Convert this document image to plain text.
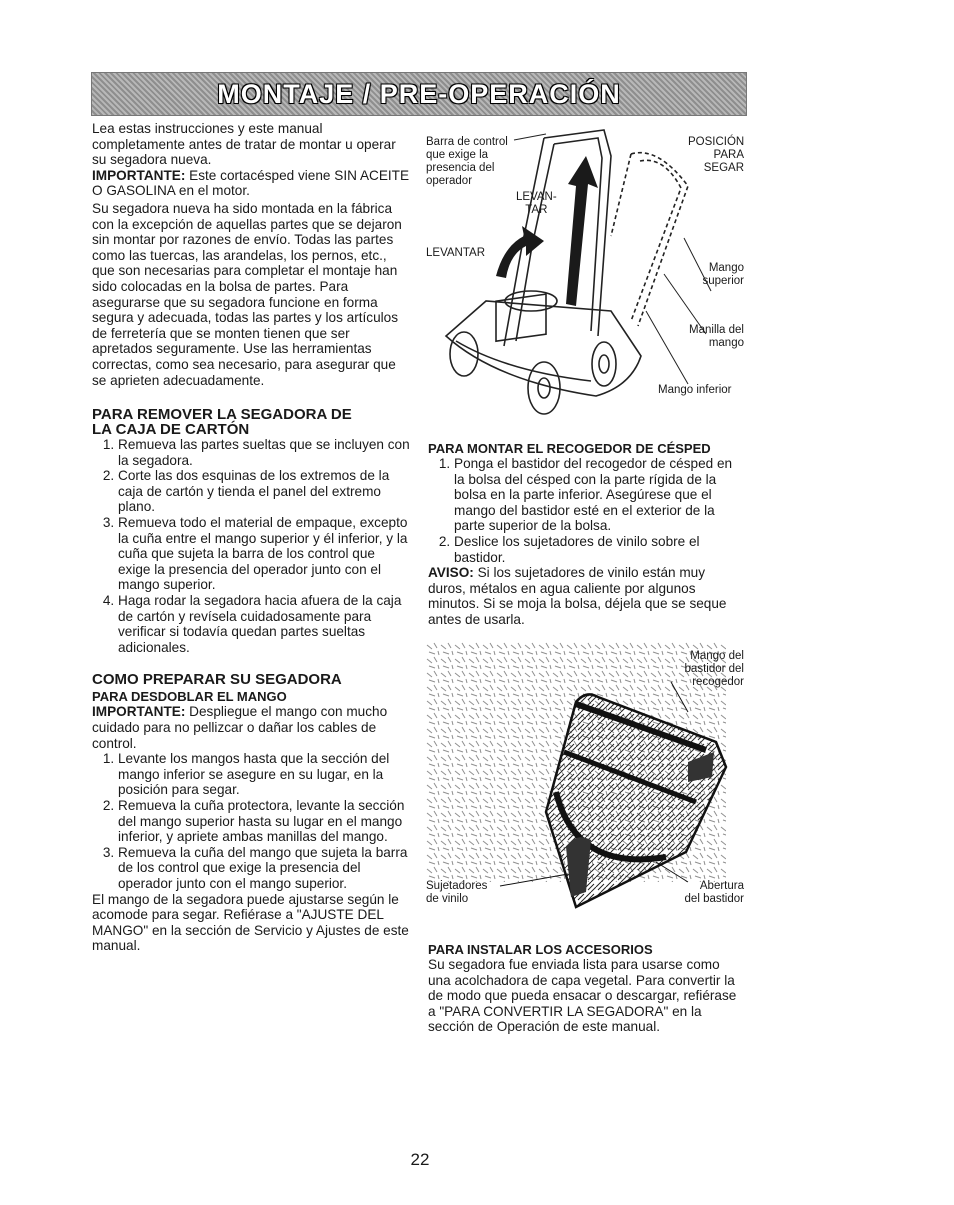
MONTAJE / PRE-OPERACIÓN

Lea estas instrucciones y este manual completamente antes de tratar de montar u operar su segadora nueva.

IMPORTANTE: Este cortacésped viene SIN ACEITE O GASOLINA en el motor.

Su segadora nueva ha sido montada en la fábrica con la excepción de aquellas partes que se dejaron sin montar por razones de envío. Todas las partes como las tuercas, las arandelas, los pernos, etc., que son necesarias para completar el montaje han sido colocadas en la bolsa de partes. Para asegurarse que su segadora funcione en forma segura y adecuada, todas las partes y los artículos de ferretería que se monten tienen que ser apretados seguramente. Use las herramientas correctas, como sea necesario, para asegurar que se aprieten adecuadamente.

PARA REMOVER LA SEGADORA DE

LA CAJA DE CARTÓN

1. Remueva las partes sueltas que se incluyen con la segadora.
2. Corte las dos esquinas de los extremos de la caja de cartón y tienda el panel del extremo plano.
3. Remueva todo el material de empaque, excepto la cuña entre el mango superior y él inferior, y la cuña que sujeta la barra de los control que exige la presencia del operador junto con el mango superior.
4. Haga rodar la segadora hacia afuera de la caja de cartón y revísela cuidadosamente para verificar si todavía quedan partes sueltas adicionales.

COMO PREPARAR SU SEGADORA

PARA DESDOBLAR EL MANGO

IMPORTANTE: Despliegue el mango con mucho cuidado para no pellizcar o dañar los cables de control.

1. Levante los mangos hasta que la sección del mango inferior se asegure en su lugar, en la posición para segar.
2. Remueva la cuña protectora, levante la sección del mango superior hasta su lugar en el mango inferior, y apriete ambas manillas del mango.
3. Remueva la cuña del mango que sujeta la barra de los control que exige la presencia del operador junto con el mango superior.

El mango de la segadora puede ajustarse según le acomode para segar. Refiérase a "AJUSTE DEL MANGO" en la sección de Servicio y Ajustes de este manual.

Barra de control
que exige la
presencia del
operador
LEVAN-
TAR
LEVANTAR
POSICIÓN
PARA
SEGAR
Mango
superior
Manilla del
mango
Mango inferior

PARA MONTAR EL RECOGEDOR DE CÉSPED

1. Ponga el bastidor del recogedor de césped en la bolsa del césped con la parte rígida de la bolsa en la parte inferior. Asegúrese que el mango del bastidor esté en el exterior de la parte superior de la bolsa.
2. Deslice los sujetadores de vinilo sobre el bastidor.

AVISO: Si los sujetadores de vinilo están muy duros, métalos en agua caliente por algunos minutos. Si se moja la bolsa, déjela que se seque antes de usarla.

Mango del
bastidor del
recogedor
Sujetadores
de vinilo
Abertura
del bastidor

PARA INSTALAR LOS ACCESORIOS

Su segadora fue enviada lista para usarse como una acolchadora de capa vegetal. Para convertir la de modo que pueda ensacar o descargar, refiérase a "PARA CONVERTIR LA SEGADORA" en la sección de Operación de este manual.

22
